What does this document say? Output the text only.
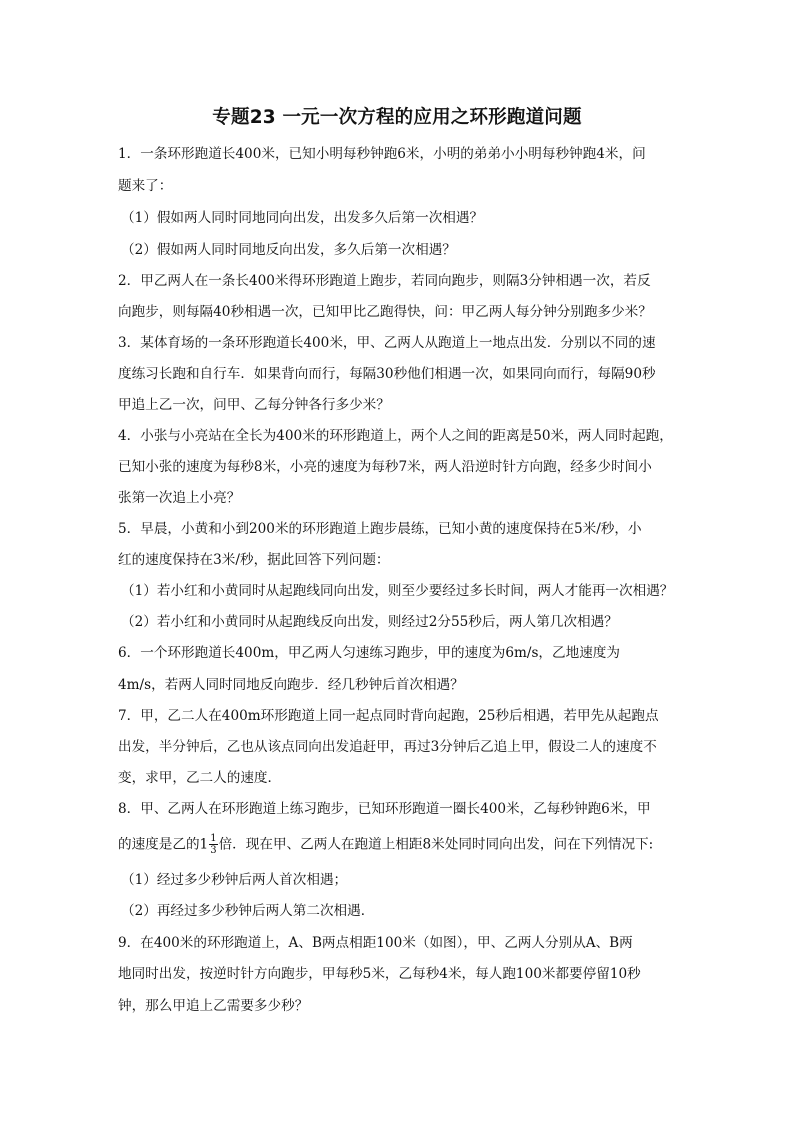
专题23 一元一次方程的应用之环形跑道问题
1．一条环形跑道长400米，已知小明每秒钟跑6米，小明的弟弟小小明每秒钟跑4米，问
题来了：
（1）假如两人同时同地同向出发，出发多久后第一次相遇？
（2）假如两人同时同地反向出发，多久后第一次相遇？
2．甲乙两人在一条长400米得环形跑道上跑步，若同向跑步，则隔3分钟相遇一次，若反
向跑步，则每隔40秒相遇一次，已知甲比乙跑得快，问：甲乙两人每分钟分别跑多少米？
3．某体育场的一条环形跑道长400米，甲、乙两人从跑道上一地点出发．分别以不同的速
度练习长跑和自行车．如果背向而行，每隔30秒他们相遇一次，如果同向而行，每隔90秒
甲追上乙一次，问甲、乙每分钟各行多少米？
4．小张与小亮站在全长为400米的环形跑道上，两个人之间的距离是50米，两人同时起跑，
已知小张的速度为每秒8米，小亮的速度为每秒7米，两人沿逆时针方向跑，经多少时间小
张第一次追上小亮？
5．早晨，小黄和小到200米的环形跑道上跑步晨练，已知小黄的速度保持在5米/秒，小
红的速度保持在3米/秒，据此回答下列问题：
（1）若小红和小黄同时从起跑线同向出发，则至少要经过多长时间，两人才能再一次相遇？
（2）若小红和小黄同时从起跑线反向出发，则经过2分55秒后，两人第几次相遇？
6．一个环形跑道长400m，甲乙两人匀速练习跑步，甲的速度为6m/s，乙地速度为
4m/s，若两人同时同地反向跑步．经几秒钟后首次相遇？
7．甲，乙二人在400m环形跑道上同一起点同时背向起跑，25秒后相遇，若甲先从起跑点
出发，半分钟后，乙也从该点同向出发追赶甲，再过3分钟后乙追上甲，假设二人的速度不
变，求甲，乙二人的速度．
8．甲、乙两人在环形跑道上练习跑步，已知环形跑道一圈长400米，乙每秒钟跑6米，甲
的速度是乙的$1 \frac{1}{3}$ 倍．现在甲、乙两人在跑道上相距8米处同时同向出发，问在下列情况下:
（1）经过多少秒钟后两人首次相遇；
（2）再经过多少秒钟后两人第二次相遇．
9．在400米的环形跑道上，A、B两点相距100米（如图），甲、乙两人分别从A、B两
地同时出发，按逆时针方向跑步，甲每秒5米，乙每秒4米，每人跑100米都要停留10秒
钟，那么甲追上乙需要多少秒？
